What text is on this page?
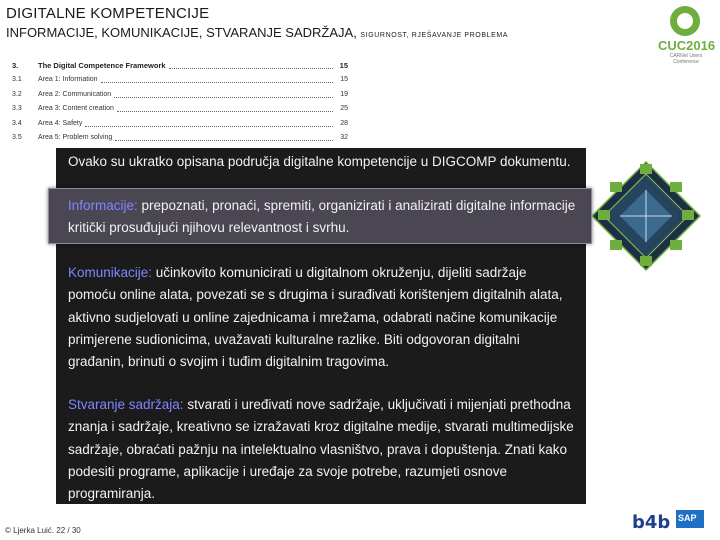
DIGITALNE KOMPETENCIJE
INFORMACIJE, KOMUNIKACIJE, STVARANJE SADRŽAJA, SIGURNOST, RJEŠAVANJE PROBLEMA
CUC2016
CARNet Users Conference
3.	The Digital Competence Framework	15
3.1	Area 1: Information	15
3.2	Area 2: Communication	19
3.3	Area 3: Content creation	25
3.4	Area 4: Safety	28
3.5	Area 5: Problem solving	32
Ovako su ukratko opisana područja digitalne kompetencije u DIGCOMP dokumentu.
Informacije: prepoznati, pronaći, spremiti, organizirati i analizirati digitalne informacije kritički prosuđujući njihovu relevantnost i svrhu.
Komunikacije: učinkovito komunicirati u digitalnom okruženju, dijeliti sadržaje pomoću online alata, povezati se s drugima i surađivati korištenjem digitalnih alata, aktivno sudjelovati u online zajednicama i mrežama, odabrati načine komunikacije primjerene sudionicima, uvažavati kulturalne razlike. Biti odgovoran digitalni građanin, brinuti o svojim i tuđim digitalnim tragovima.
Stvaranje sadržaja: stvarati i uređivati nove sadržaje, uključivati i mijenjati prethodna znanja i sadržaje, kreativno se izražavati kroz digitalne medije, stvarati multimedijske sadržaje, obraćati pažnju na intelektualno vlasništvo, prava i dopuštenja. Znati kako podesiti programe, aplikacije i uređaje za svoje potrebe, razumjeti osnove programiranja.
© Ljerka Luić. 22 / 30	b4b SAP
